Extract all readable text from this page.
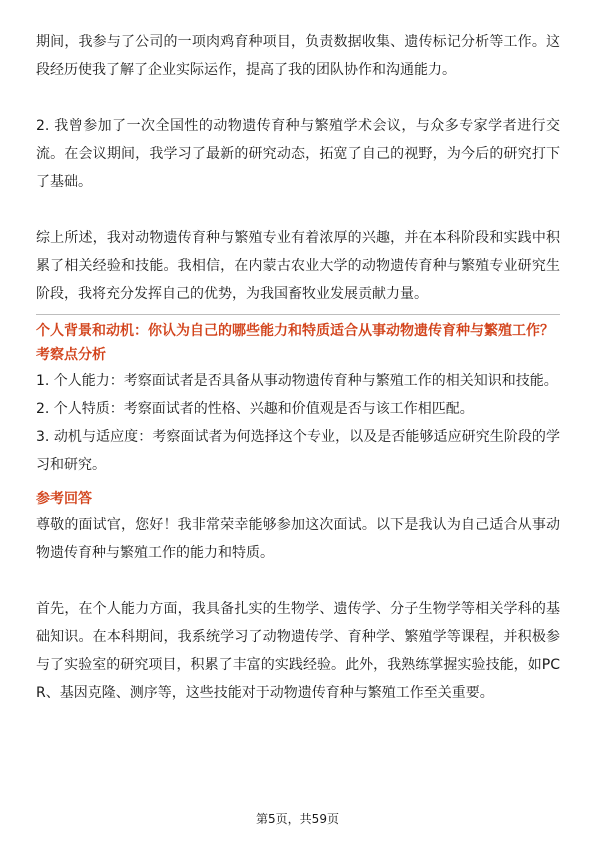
期间，我参与了公司的一项肉鸡育种项目，负责数据收集、遗传标记分析等工作。这段经历使我了解了企业实际运作，提高了我的团队协作和沟通能力。

2. 我曾参加了一次全国性的动物遗传育种与繁殖学术会议，与众多专家学者进行交流。在会议期间，我学习了最新的研究动态，拓宽了自己的视野，为今后的研究打下了基础。

综上所述，我对动物遗传育种与繁殖专业有着浓厚的兴趣，并在本科阶段和实践中积累了相关经验和技能。我相信，在内蒙古农业大学的动物遗传育种与繁殖专业研究生阶段，我将充分发挥自己的优势，为我国畜牧业发展贡献力量。

个人背景和动机：你认为自己的哪些能力和特质适合从事动物遗传育种与繁殖工作？
考察点分析

1. 个人能力：考察面试者是否具备从事动物遗传育种与繁殖工作的相关知识和技能。

2. 个人特质：考察面试者的性格、兴趣和价值观是否与该工作相匹配。

3. 动机与适应度：考察面试者为何选择这个专业，以及是否能够适应研究生阶段的学习和研究。

参考回答

尊敬的面试官，您好！我非常荣幸能够参加这次面试。以下是我认为自己适合从事动物遗传育种与繁殖工作的能力和特质。

首先，在个人能力方面，我具备扎实的生物学、遗传学、分子生物学等相关学科的基础知识。在本科期间，我系统学习了动物遗传学、育种学、繁殖学等课程，并积极参与了实验室的研究项目，积累了丰富的实践经验。此外，我熟练掌握实验技能，如PCR、基因克隆、测序等，这些技能对于动物遗传育种与繁殖工作至关重要。

第5页，共59页
